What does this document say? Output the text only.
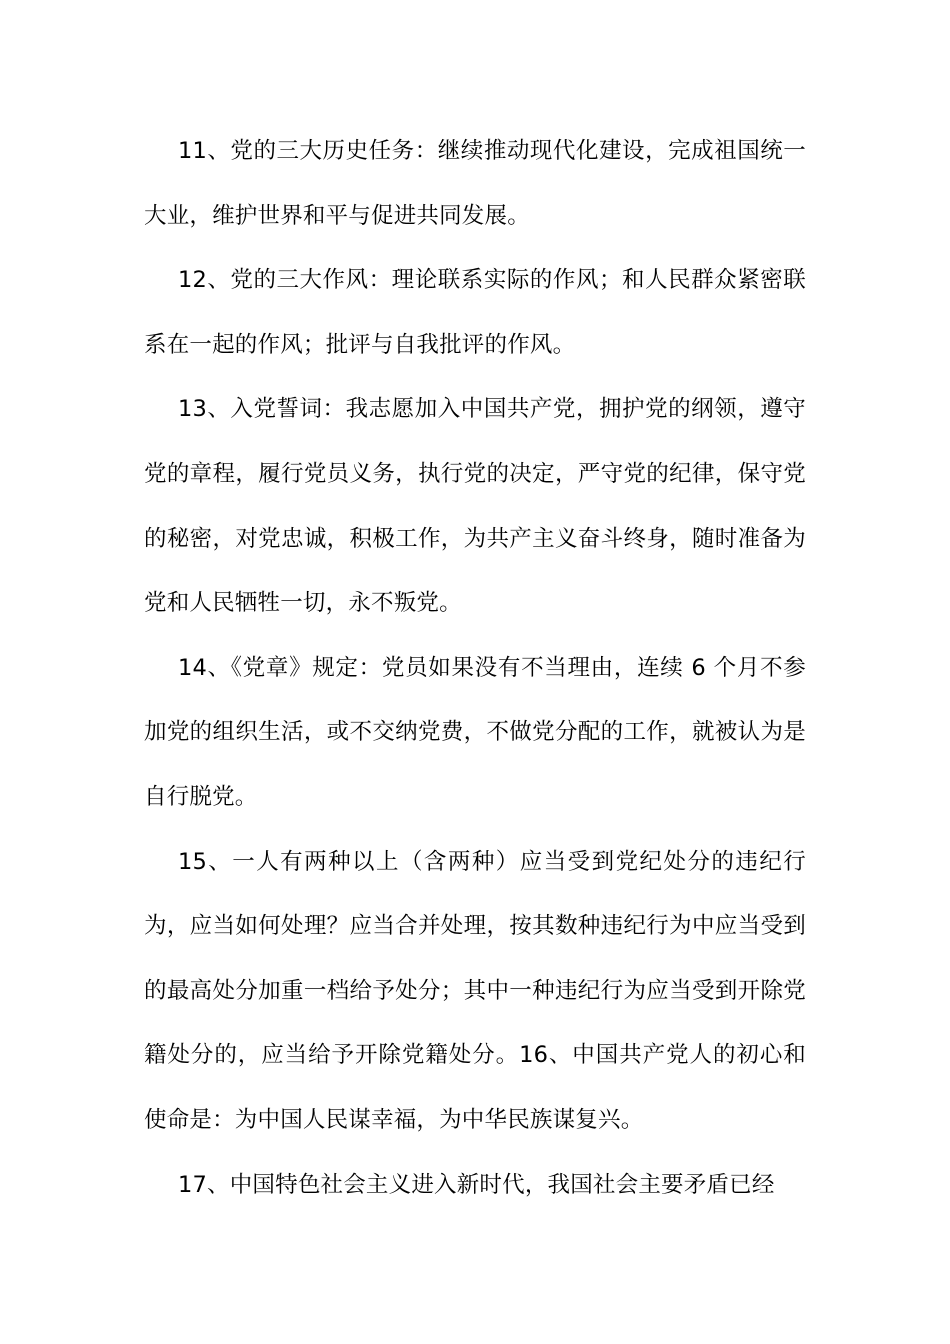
11、党的三大历史任务：继续推动现代化建设，完成祖国统一大业，维护世界和平与促进共同发展。

12、党的三大作风：理论联系实际的作风；和人民群众紧密联系在一起的作风；批评与自我批评的作风。

13、入党誓词：我志愿加入中国共产党，拥护党的纲领，遵守党的章程，履行党员义务，执行党的决定，严守党的纪律，保守党的秘密，对党忠诚，积极工作，为共产主义奋斗终身，随时准备为党和人民牺牲一切，永不叛党。

14、《党章》规定：党员如果没有不当理由，连续 6 个月不参加党的组织生活，或不交纳党费，不做党分配的工作，就被认为是 自行脱党。

15、一人有两种以上（含两种）应当受到党纪处分的违纪行为，应当如何处理？应当合并处理，按其数种违纪行为中应当受到的最高处分加重一档给予处分；其中一种违纪行为应当受到开除党籍处分的，应当给予开除党籍处分。16、中国共产党人的初心和使命是：为中国人民谋幸福，为中华民族谋复兴。

17、中国特色社会主义进入新时代，我国社会主要矛盾已经
